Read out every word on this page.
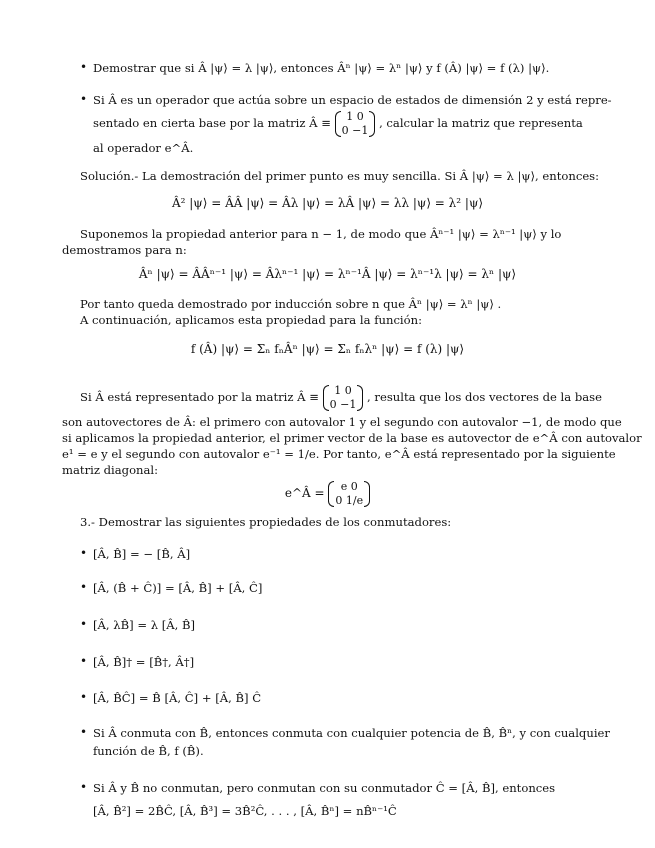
• Demostrar que si Â |ψ⟩ = λ |ψ⟩, entonces Âⁿ |ψ⟩ = λⁿ |ψ⟩ y f (Â) |ψ⟩ = f (λ) |ψ⟩.
• Si Â es un operador que actúa sobre un espacio de estados de dimensión 2 y está repre-
sentado en cierta base por la matriz Â ≡	1 0
0 −1
, calcular la matriz que representa
al operador e^Â.
Solución.- La demostración del primer punto es muy sencilla. Si Â |ψ⟩ = λ |ψ⟩, entonces:
Â² |ψ⟩ = ÂÂ |ψ⟩ = Âλ |ψ⟩ = λÂ |ψ⟩ = λλ |ψ⟩ = λ² |ψ⟩
Suponemos la propiedad anterior para n − 1, de modo que Âⁿ⁻¹ |ψ⟩ = λⁿ⁻¹ |ψ⟩ y lo
demostramos para n:
Âⁿ |ψ⟩ = ÂÂⁿ⁻¹ |ψ⟩ = Âλⁿ⁻¹ |ψ⟩ = λⁿ⁻¹Â |ψ⟩ = λⁿ⁻¹λ |ψ⟩ = λⁿ |ψ⟩
Por tanto queda demostrado por inducción sobre n que Âⁿ |ψ⟩ = λⁿ |ψ⟩ .
A continuación, aplicamos esta propiedad para la función:
f (Â) |ψ⟩ = Σₙ fₙÂⁿ |ψ⟩ = Σₙ fₙλⁿ |ψ⟩ = f (λ) |ψ⟩
Si Â está representado por la matriz Â ≡	1 0
0 −1
, resulta que los dos vectores de la base
son autovectores de Â: el primero con autovalor 1 y el segundo con autovalor −1, de modo que
si aplicamos la propiedad anterior, el primer vector de la base es autovector de e^Â con autovalor
e¹ = e y el segundo con autovalor e⁻¹ = 1/e. Por tanto, e^Â está representado por la siguiente
matriz diagonal:
e^Â =	e 0
0 1/e
3.- Demostrar las siguientes propiedades de los conmutadores:
• [Â, B̂] = − [B̂, Â]
• [Â, (B̂ + Ĉ)] = [Â, B̂] + [Â, Ĉ]
• [Â, λB̂] = λ [Â, B̂]
• [Â, B̂]† = [B̂†, Â†]
• [Â, B̂Ĉ] = B̂ [Â, Ĉ] + [Â, B̂] Ĉ
• Si Â conmuta con B̂, entonces conmuta con cualquier potencia de B̂, B̂ⁿ, y con cualquier
función de B̂, f (B̂).
• Si Â y B̂ no conmutan, pero conmutan con su conmutador Ĉ = [Â, B̂], entonces
[Â, B̂²] = 2B̂Ĉ, [Â, B̂³] = 3B̂²Ĉ, . . . , [Â, B̂ⁿ] = nB̂ⁿ⁻¹Ĉ
